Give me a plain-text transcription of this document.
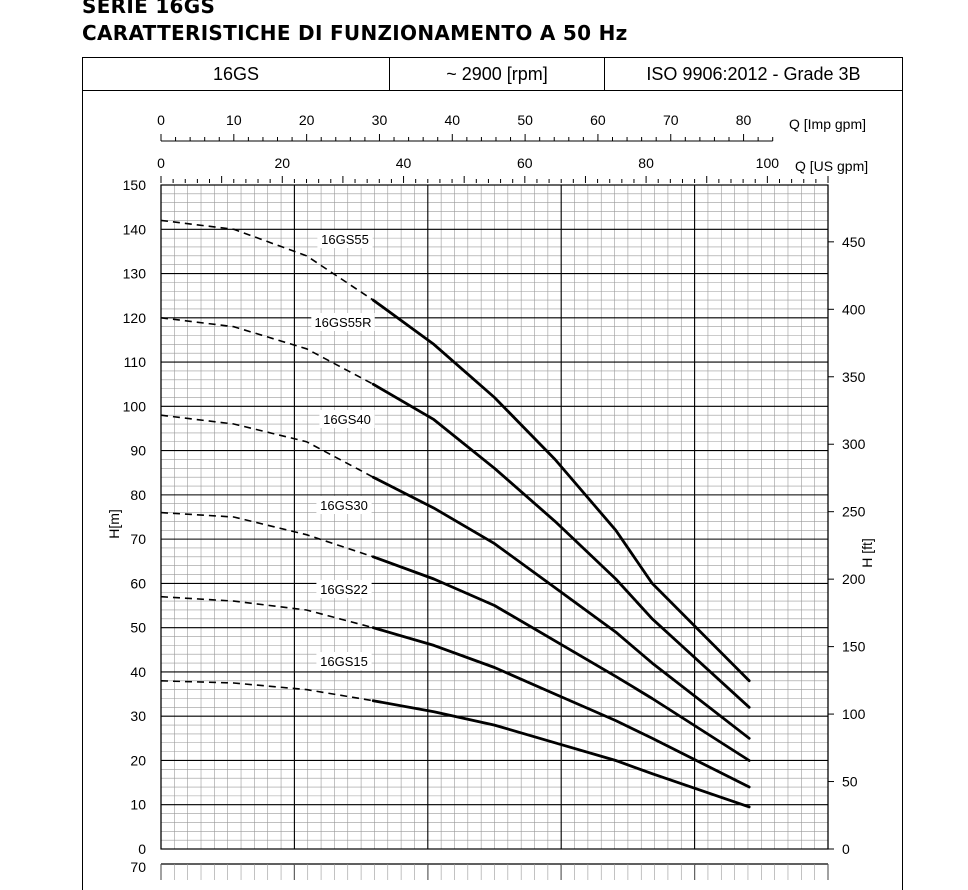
SERIE 16GS
CARATTERISTICHE DI FUNZIONAMENTO A 50 Hz
16GS	~ 2900 [rpm]	ISO 9906:2012 - Grade 3B
0
10
20
30
40
50
60
70
80
90
100
110
120
130
140
150
0
50
100
150
200
250
300
350
400
450
0	10	20	30	40	50	60	70	80	Q [Imp gpm]
0	20	40	60	80	100 Q [US gpm]
H[m]
H [ft]
16GS55
16GS55R
16GS40
16GS30
16GS22
16GS15
70
